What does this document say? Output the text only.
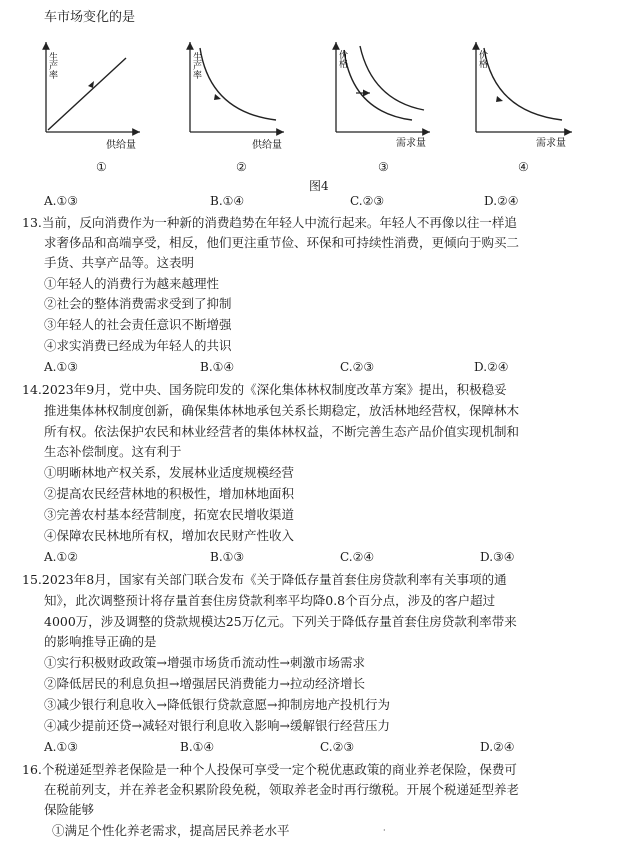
车市场变化的是
生产率
供给量
生产率
供给量
价格
需求量
价格
需求量
①	②	③	④
图4
A.①③	B.①④	C.②③	D.②④
13.当前，反向消费作为一种新的消费趋势在年轻人中流行起来。年轻人不再像以往一样追
求奢侈品和高端享受，相反，他们更注重节俭、环保和可持续性消费，更倾向于购买二
手货、共享产品等。这表明
①年轻人的消费行为越来越理性
②社会的整体消费需求受到了抑制
③年轻人的社会责任意识不断增强
④求实消费已经成为年轻人的共识
A.①③	B.①④	C.②③	D.②④
14.2023年9月，党中央、国务院印发的《深化集体林权制度改革方案》提出，积极稳妥
推进集体林权制度创新，确保集体林地承包关系长期稳定，放活林地经营权，保障林木
所有权。依法保护农民和林业经营者的集体林权益，不断完善生态产品价值实现机制和
生态补偿制度。这有利于
①明晰林地产权关系，发展林业适度规模经营
②提高农民经营林地的积极性，增加林地面积
③完善农村基本经营制度，拓宽农民增收渠道
④保障农民林地所有权，增加农民财产性收入
A.①②	B.①③	C.②④	D.③④
15.2023年8月，国家有关部门联合发布《关于降低存量首套住房贷款利率有关事项的通
知》，此次调整预计将存量首套住房贷款利率平均降0.8个百分点，涉及的客户超过
4000万，涉及调整的贷款规模达25万亿元。下列关于降低存量首套住房贷款利率带来
的影响推导正确的是
①实行积极财政政策→增强市场货币流动性→刺激市场需求
②降低居民的利息负担→增强居民消费能力→拉动经济增长
③减少银行利息收入→降低银行贷款意愿→抑制房地产投机行为
④减少提前还贷→减轻对银行利息收入影响→缓解银行经营压力
A.①③	B.①④	C.②③	D.②④
16.个税递延型养老保险是一种个人投保可享受一定个税优惠政策的商业养老保险，保费可
在税前列支，并在养老金积累阶段免税，领取养老金时再行缴税。开展个税递延型养老
保险能够
①满足个性化养老需求，提高居民养老水平	·
